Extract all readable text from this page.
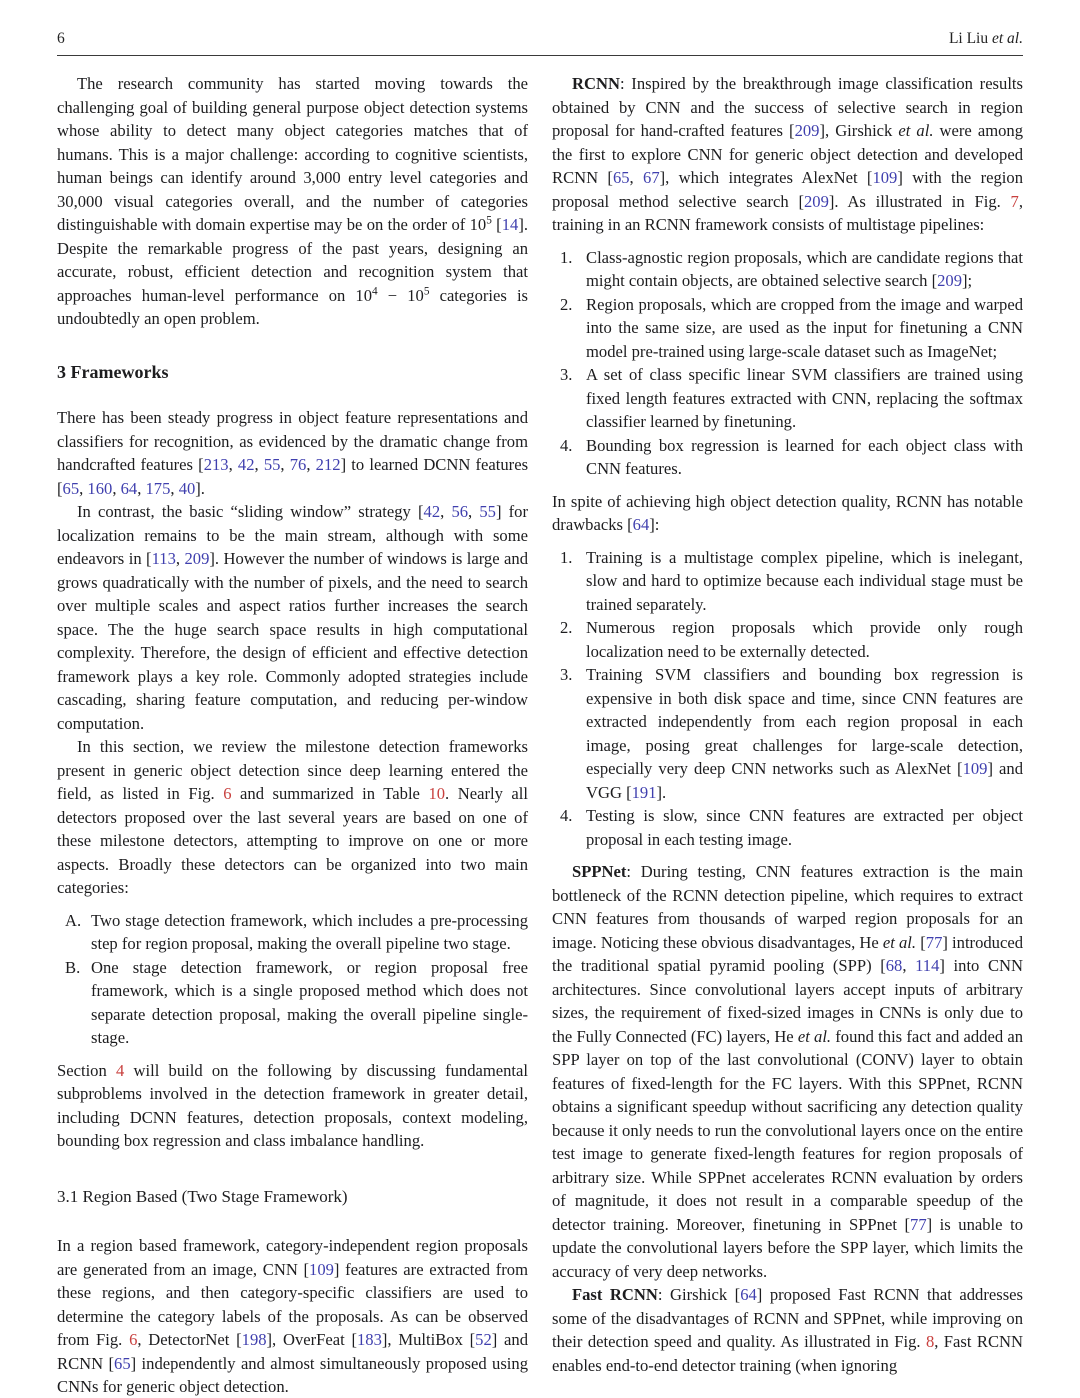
6	Li Liu et al.
The research community has started moving towards the challenging goal of building general purpose object detection systems whose ability to detect many object categories matches that of humans. This is a major challenge: according to cognitive scientists, human beings can identify around 3,000 entry level categories and 30,000 visual categories overall, and the number of categories distinguishable with domain expertise may be on the order of $10^5$ [14]. Despite the remarkable progress of the past years, designing an accurate, robust, efficient detection and recognition system that approaches human-level performance on $10^4 - 10^5$ categories is undoubtedly an open problem.
3 Frameworks
There has been steady progress in object feature representations and classifiers for recognition, as evidenced by the dramatic change from handcrafted features [213, 42, 55, 76, 212] to learned DCNN features [65, 160, 64, 175, 40].
In contrast, the basic “sliding window” strategy [42, 56, 55] for localization remains to be the main stream, although with some endeavors in [113, 209]. However the number of windows is large and grows quadratically with the number of pixels, and the need to search over multiple scales and aspect ratios further increases the search space. The the huge search space results in high computational complexity. Therefore, the design of efficient and effective detection framework plays a key role. Commonly adopted strategies include cascading, sharing feature computation, and reducing per-window computation.
In this section, we review the milestone detection frameworks present in generic object detection since deep learning entered the field, as listed in Fig. 6 and summarized in Table 10. Nearly all detectors proposed over the last several years are based on one of these milestone detectors, attempting to improve on one or more aspects. Broadly these detectors can be organized into two main categories:
A. Two stage detection framework, which includes a pre-processing step for region proposal, making the overall pipeline two stage.
B. One stage detection framework, or region proposal free framework, which is a single proposed method which does not separate detection proposal, making the overall pipeline single-stage.
Section 4 will build on the following by discussing fundamental subproblems involved in the detection framework in greater detail, including DCNN features, detection proposals, context modeling, bounding box regression and class imbalance handling.
3.1 Region Based (Two Stage Framework)
In a region based framework, category-independent region proposals are generated from an image, CNN [109] features are extracted from these regions, and then category-specific classifiers are used to determine the category labels of the proposals. As can be observed from Fig. 6, DetectorNet [198], OverFeat [183], MultiBox [52] and RCNN [65] independently and almost simultaneously proposed using CNNs for generic object detection.
RCNN: Inspired by the breakthrough image classification results obtained by CNN and the success of selective search in region proposal for hand-crafted features [209], Girshick et al. were among the first to explore CNN for generic object detection and developed RCNN [65, 67], which integrates AlexNet [109] with the region proposal method selective search [209]. As illustrated in Fig. 7, training in an RCNN framework consists of multistage pipelines:
1. Class-agnostic region proposals, which are candidate regions that might contain objects, are obtained selective search [209];
2. Region proposals, which are cropped from the image and warped into the same size, are used as the input for finetuning a CNN model pre-trained using large-scale dataset such as ImageNet;
3. A set of class specific linear SVM classifiers are trained using fixed length features extracted with CNN, replacing the softmax classifier learned by finetuning.
4. Bounding box regression is learned for each object class with CNN features.
In spite of achieving high object detection quality, RCNN has notable drawbacks [64]:
1. Training is a multistage complex pipeline, which is inelegant, slow and hard to optimize because each individual stage must be trained separately.
2. Numerous region proposals which provide only rough localization need to be externally detected.
3. Training SVM classifiers and bounding box regression is expensive in both disk space and time, since CNN features are extracted independently from each region proposal in each image, posing great challenges for large-scale detection, especially very deep CNN networks such as AlexNet [109] and VGG [191].
4. Testing is slow, since CNN features are extracted per object proposal in each testing image.
SPPNet: During testing, CNN features extraction is the main bottleneck of the RCNN detection pipeline, which requires to extract CNN features from thousands of warped region proposals for an image. Noticing these obvious disadvantages, He et al. [77] introduced the traditional spatial pyramid pooling (SPP) [68, 114] into CNN architectures. Since convolutional layers accept inputs of arbitrary sizes, the requirement of fixed-sized images in CNNs is only due to the Fully Connected (FC) layers, He et al. found this fact and added an SPP layer on top of the last convolutional (CONV) layer to obtain features of fixed-length for the FC layers. With this SPPnet, RCNN obtains a significant speedup without sacrificing any detection quality because it only needs to run the convolutional layers once on the entire test image to generate fixed-length features for region proposals of arbitrary size. While SPPnet accelerates RCNN evaluation by orders of magnitude, it does not result in a comparable speedup of the detector training. Moreover, finetuning in SPPnet [77] is unable to update the convolutional layers before the SPP layer, which limits the accuracy of very deep networks.
Fast RCNN: Girshick [64] proposed Fast RCNN that addresses some of the disadvantages of RCNN and SPPnet, while improving on their detection speed and quality. As illustrated in Fig. 8, Fast RCNN enables end-to-end detector training (when ignoring
